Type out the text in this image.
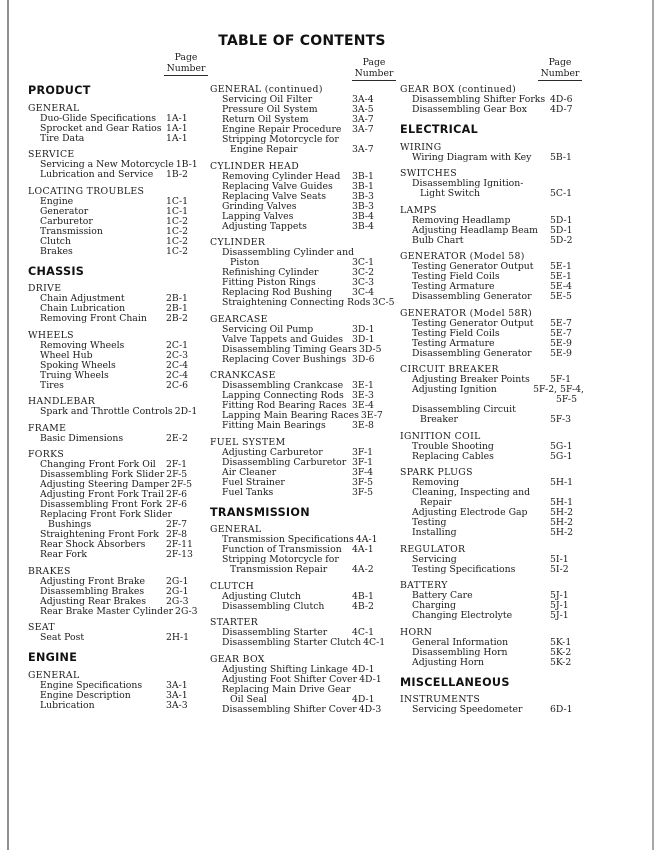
TABLE OF CONTENTS
Page
Number	Page
Number
Page
Number
PRODUCT
GENERAL
Duo-Glide Specifications 1A-1
Sprocket and Gear Ratios 1A-1
Tire Data	1A-1
SERVICE
Servicing a New Motorcycle 1B-1
Lubrication and Service 1B-2
LOCATING TROUBLES
Engine	1C-1
Generator	1C-1
Carburetor	1C-2
Transmission	1C-2
Clutch	1C-2
Brakes	1C-2
CHASSIS
DRIVE
Chain Adjustment	2B-1
Chain Lubrication	2B-1
Removing Front Chain 2B-2
WHEELS
Removing Wheels	2C-1
Wheel Hub	2C-3
Spoking Wheels	2C-4
Truing Wheels	2C-4
Tires	2C-6
HANDLEBAR
Spark and Throttle Controls 2D-1
FRAME
Basic Dimensions	2E-2
FORKS
Changing Front Fork Oil 2F-1
Disassembling Fork Slider 2F-5
Adjusting Steering Damper 2F-5
Adjusting Front Fork Trail 2F-6
Disassembling Front Fork 2F-6
Replacing Front Fork Slider
Bushings	2F-7
Straightening Front Fork 2F-8
Rear Shock Absorbers 2F-11
Rear Fork	2F-13
BRAKES
Adjusting Front Brake 2G-1
Disassembling Brakes 2G-1
Adjusting Rear Brakes 2G-3
Rear Brake Master Cylinder 2G-3
SEAT
Seat Post	2H-1
ENGINE
GENERAL
Engine Specifications	3A-1
Engine Description	3A-1
Lubrication	3A-3
GENERAL (continued)
Servicing Oil Filter	3A-4
Pressure Oil System	3A-5
Return Oil System	3A-7
Engine Repair Procedure 3A-7
Stripping Motorcycle for
Engine Repair	3A-7
CYLINDER HEAD
Removing Cylinder Head 3B-1
Replacing Valve Guides 3B-1
Replacing Valve Seats	3B-3
Grinding Valves	3B-3
Lapping Valves	3B-4
Adjusting Tappets	3B-4
CYLINDER
Disassembling Cylinder and
Piston	3C-1
Refinishing Cylinder	3C-2
Fitting Piston Rings	3C-3
Replacing Rod Bushing 3C-4
Straightening Connecting Rods 3C-5
GEARCASE
Servicing Oil Pump	3D-1
Valve Tappets and Guides 3D-1
Disassembling Timing Gears 3D-5
Replacing Cover Bushings 3D-6
CRANKCASE
Disassembling Crankcase 3E-1
Lapping Connecting Rods 3E-3
Fitting Rod Bearing Races 3E-4
Lapping Main Bearing Races 3E-7
Fitting Main Bearings	3E-8
FUEL SYSTEM
Adjusting Carburetor	3F-1
Disassembling Carburetor 3F-1
Air Cleaner	3F-4
Fuel Strainer	3F-5
Fuel Tanks	3F-5
TRANSMISSION
GENERAL
Transmission Specifications 4A-1
Function of Transmission 4A-1
Stripping Motorcycle for
Transmission Repair	4A-2
CLUTCH
Adjusting Clutch	4B-1
Disassembling Clutch	4B-2
STARTER
Disassembling Starter	4C-1
Disassembling Starter Clutch 4C-1
GEAR BOX
Adjusting Shifting Linkage 4D-1
Adjusting Foot Shifter Cover 4D-1
Replacing Main Drive Gear
Oil Seal	4D-1
Disassembling Shifter Cover 4D-3
GEAR BOX (continued)
Disassembling Shifter Forks 4D-6
Disassembling Gear Box 4D-7
ELECTRICAL
WIRING
Wiring Diagram with Key 5B-1
SWITCHES
Disassembling Ignition-
Light Switch	5C-1
LAMPS
Removing Headlamp	5D-1
Adjusting Headlamp Beam 5D-1
Bulb Chart	5D-2
GENERATOR (Model 58)
Testing Generator Output 5E-1
Testing Field Coils	5E-1
Testing Armature	5E-4
Disassembling Generator 5E-5
GENERATOR (Model 58R)
Testing Generator Output 5E-7
Testing Field Coils	5E-7
Testing Armature	5E-9
Disassembling Generator 5E-9
CIRCUIT BREAKER
Adjusting Breaker Points 5F-1
Adjusting Ignition	5F-2, 5F-4,
5F-5
Disassembling Circuit
Breaker	5F-3
IGNITION COIL
Trouble Shooting	5G-1
Replacing Cables	5G-1
SPARK PLUGS
Removing	5H-1
Cleaning, Inspecting and
Repair	5H-1
Adjusting Electrode Gap 5H-2
Testing	5H-2
Installing	5H-2
REGULATOR
Servicing	5I-1
Testing Specifications	5I-2
BATTERY
Battery Care	5J-1
Charging	5J-1
Changing Electrolyte	5J-1
HORN
General Information	5K-1
Disassembling Horn	5K-2
Adjusting Horn	5K-2
MISCELLANEOUS
INSTRUMENTS
Servicing Speedometer	6D-1
